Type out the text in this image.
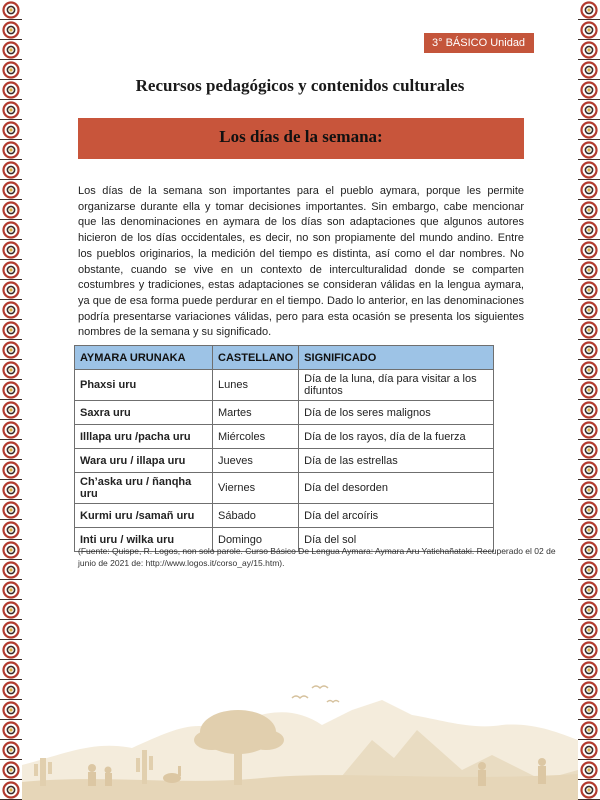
3° BÁSICO Unidad 4
Recursos pedagógicos y contenidos culturales
Los días de la semana:

Los días de la semana son importantes para el pueblo aymara, porque les permite organizarse durante ella y tomar decisiones importantes. Sin embargo, cabe mencionar que las denominaciones en aymara de los días son adaptaciones que algunos autores hicieron de los días occidentales, es decir, no son propiamente del mundo andino. Entre los pueblos originarios, la medición del tiempo es distinta, así como el dar nombres. No obstante, cuando se vive en un contexto de interculturalidad donde se comparten costumbres y tradiciones, estas adaptaciones se consideran válidas en la lengua aymara, ya que de esa forma puede perdurar en el tiempo. Dado lo anterior, en las denominaciones podría presentarse variaciones válidas, pero para esta ocasión se presenta los siguientes nombres de la semana y su significado.

AYMARA URUNAKA	CASTELLANO	SIGNIFICADO
Phaxsi uru	Lunes	Día de la luna, día para visitar a los difuntos
Saxra uru	Martes	Día de los seres malignos
Illlapa uru /pacha uru	Miércoles	Día de los rayos, día de la fuerza
Wara uru / illapa uru	Jueves	Día de las estrellas
Ch’aska uru / ñanqha uru	Viernes	Día del desorden
Kurmi uru /samañ uru	Sábado	Día del arcoíris
Inti uru / wilka uru	Domingo	Día del sol

(Fuente: Quispe, R. Logos, non solo parole. Curso Básico De Lengua Aymara: Aymara Aru Yatichañataki. Recuperado el 02 de junio de 2021 de: http://www.logos.it/corso_ay/15.htm).
